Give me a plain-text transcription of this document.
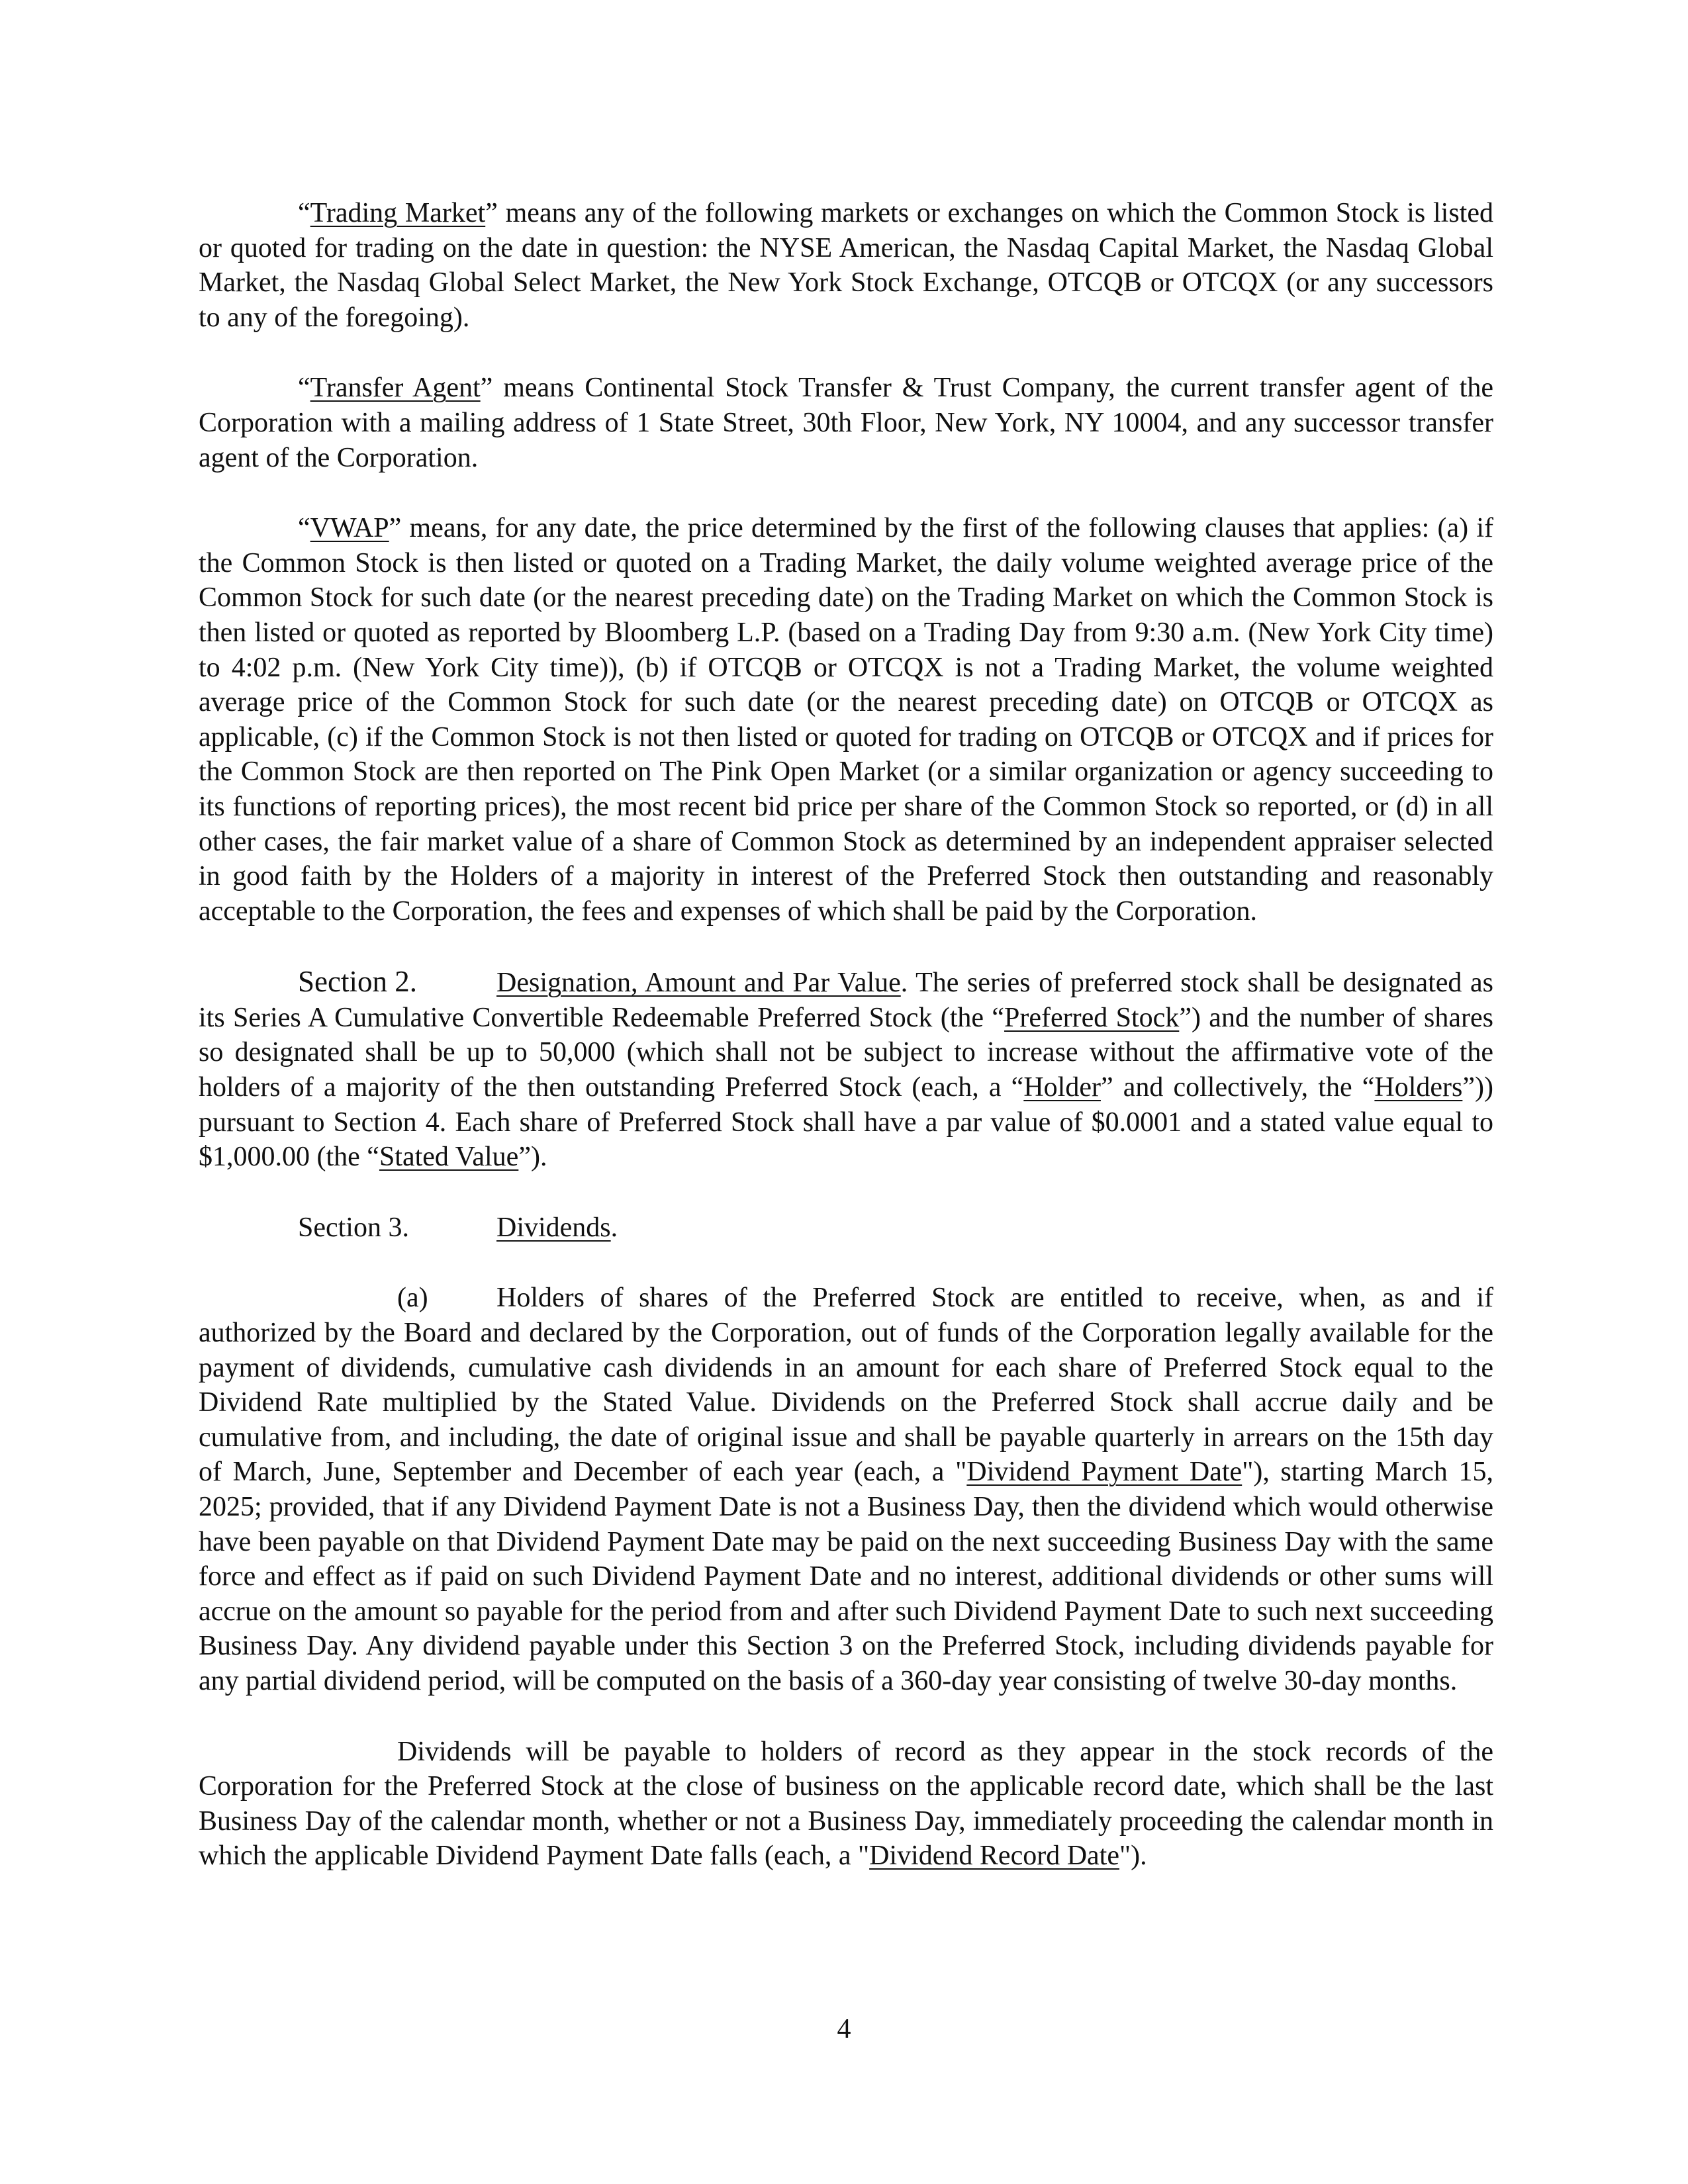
“Trading Market” means any of the following markets or exchanges on which the Common Stock is listed or quoted for trading on the date in question: the NYSE American, the Nasdaq Capital Market, the Nasdaq Global Market, the Nasdaq Global Select Market, the New York Stock Exchange, OTCQB or OTCQX (or any successors to any of the foregoing).

“Transfer Agent” means Continental Stock Transfer & Trust Company, the current transfer agent of the Corporation with a mailing address of 1 State Street, 30th Floor, New York, NY 10004, and any successor transfer agent of the Corporation.

“VWAP” means, for any date, the price determined by the first of the following clauses that applies: (a) if the Common Stock is then listed or quoted on a Trading Market, the daily volume weighted average price of the Common Stock for such date (or the nearest preceding date) on the Trading Market on which the Common Stock is then listed or quoted as reported by Bloomberg L.P. (based on a Trading Day from 9:30 a.m. (New York City time) to 4:02 p.m. (New York City time)), (b) if OTCQB or OTCQX is not a Trading Market, the volume weighted average price of the Common Stock for such date (or the nearest preceding date) on OTCQB or OTCQX as applicable, (c) if the Common Stock is not then listed or quoted for trading on OTCQB or OTCQX and if prices for the Common Stock are then reported on The Pink Open Market (or a similar organization or agency succeeding to its functions of reporting prices), the most recent bid price per share of the Common Stock so reported, or (d) in all other cases, the fair market value of a share of Common Stock as determined by an independent appraiser selected in good faith by the Holders of a majority in interest of the Preferred Stock then outstanding and reasonably acceptable to the Corporation, the fees and expenses of which shall be paid by the Corporation.

Section 2.	Designation, Amount and Par Value. The series of preferred stock shall be designated as its Series A Cumulative Convertible Redeemable Preferred Stock (the “Preferred Stock”) and the number of shares so designated shall be up to 50,000 (which shall not be subject to increase without the affirmative vote of the holders of a majority of the then outstanding Preferred Stock (each, a “Holder” and collectively, the “Holders”)) pursuant to Section 4. Each share of Preferred Stock shall have a par value of $0.0001 and a stated value equal to $1,000.00 (the “Stated Value”).

Section 3.	Dividends.

(a) Holders of shares of the Preferred Stock are entitled to receive, when, as and if authorized by the Board and declared by the Corporation, out of funds of the Corporation legally available for the payment of dividends, cumulative cash dividends in an amount for each share of Preferred Stock equal to the Dividend Rate multiplied by the Stated Value. Dividends on the Preferred Stock shall accrue daily and be cumulative from, and including, the date of original issue and shall be payable quarterly in arrears on the 15th day of March, June, September and December of each year (each, a "Dividend Payment Date"), starting March 15, 2025; provided, that if any Dividend Payment Date is not a Business Day, then the dividend which would otherwise have been payable on that Dividend Payment Date may be paid on the next succeeding Business Day with the same force and effect as if paid on such Dividend Payment Date and no interest, additional dividends or other sums will accrue on the amount so payable for the period from and after such Dividend Payment Date to such next succeeding Business Day. Any dividend payable under this Section 3 on the Preferred Stock, including dividends payable for any partial dividend period, will be computed on the basis of a 360-day year consisting of twelve 30-day months.

Dividends will be payable to holders of record as they appear in the stock records of the Corporation for the Preferred Stock at the close of business on the applicable record date, which shall be the last Business Day of the calendar month, whether or not a Business Day, immediately proceeding the calendar month in which the applicable Dividend Payment Date falls (each, a "Dividend Record Date").

4
